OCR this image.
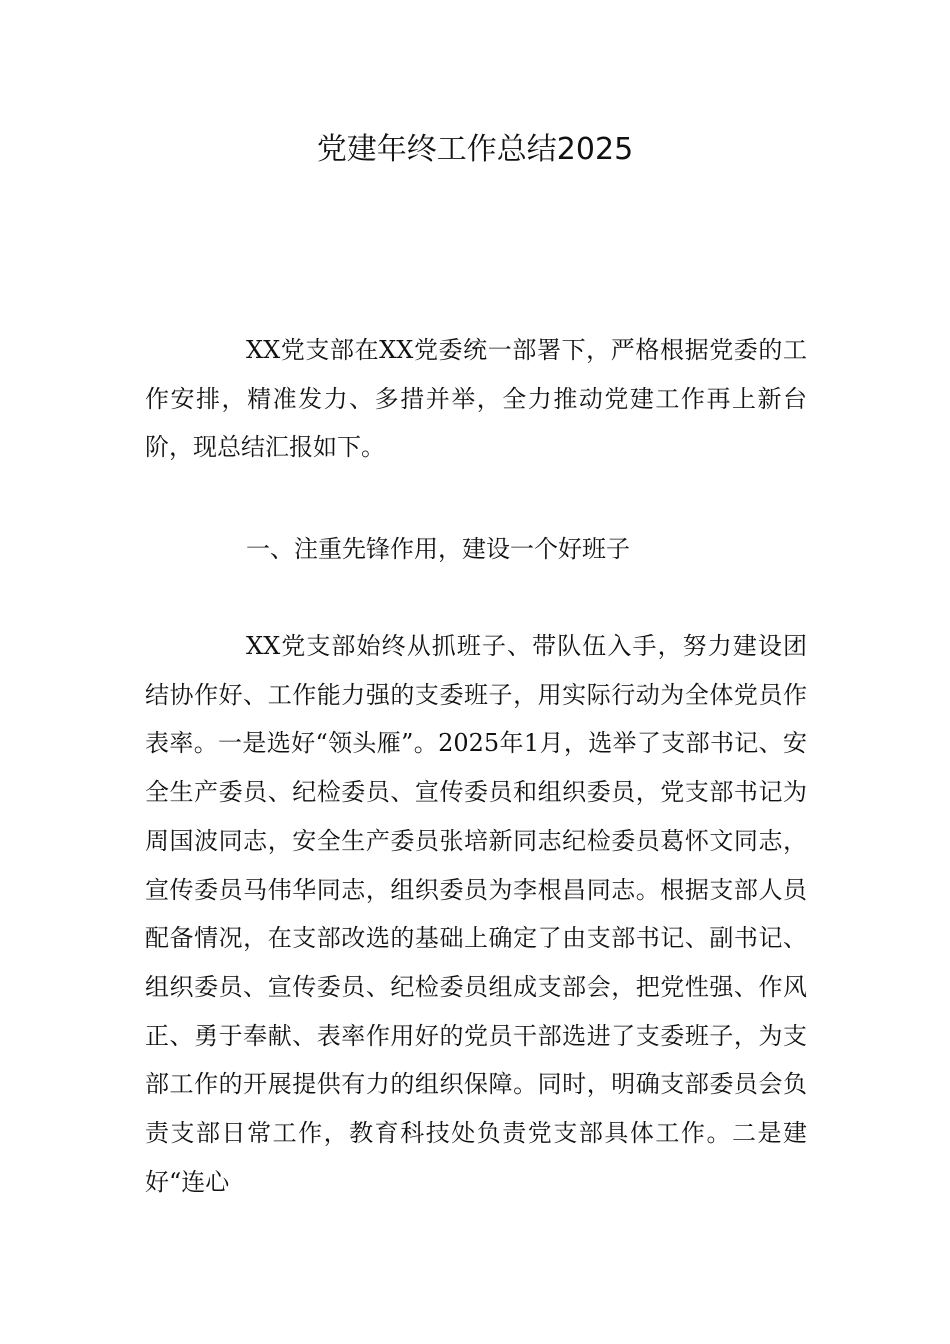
党建年终工作总结2025

XX党支部在XX党委统一部署下，严格根据党委的工作安排，精准发力、多措并举，全力推动党建工作再上新台阶，现总结汇报如下。

一、注重先锋作用，建设一个好班子

XX党支部始终从抓班子、带队伍入手，努力建设团结协作好、工作能力强的支委班子，用实际行动为全体党员作表率。一是选好“领头雁”。2025年1月，选举了支部书记、安全生产委员、纪检委员、宣传委员和组织委员，党支部书记为周国波同志，安全生产委员张培新同志纪检委员葛怀文同志，宣传委员马伟华同志，组织委员为李根昌同志。根据支部人员配备情况，在支部改选的基础上确定了由支部书记、副书记、组织委员、宣传委员、纪检委员组成支部会，把党性强、作风正、勇于奉献、表率作用好的党员干部选进了支委班子，为支部工作的开展提供有力的组织保障。同时，明确支部委员会负责支部日常工作，教育科技处负责党支部具体工作。二是建好“连心
